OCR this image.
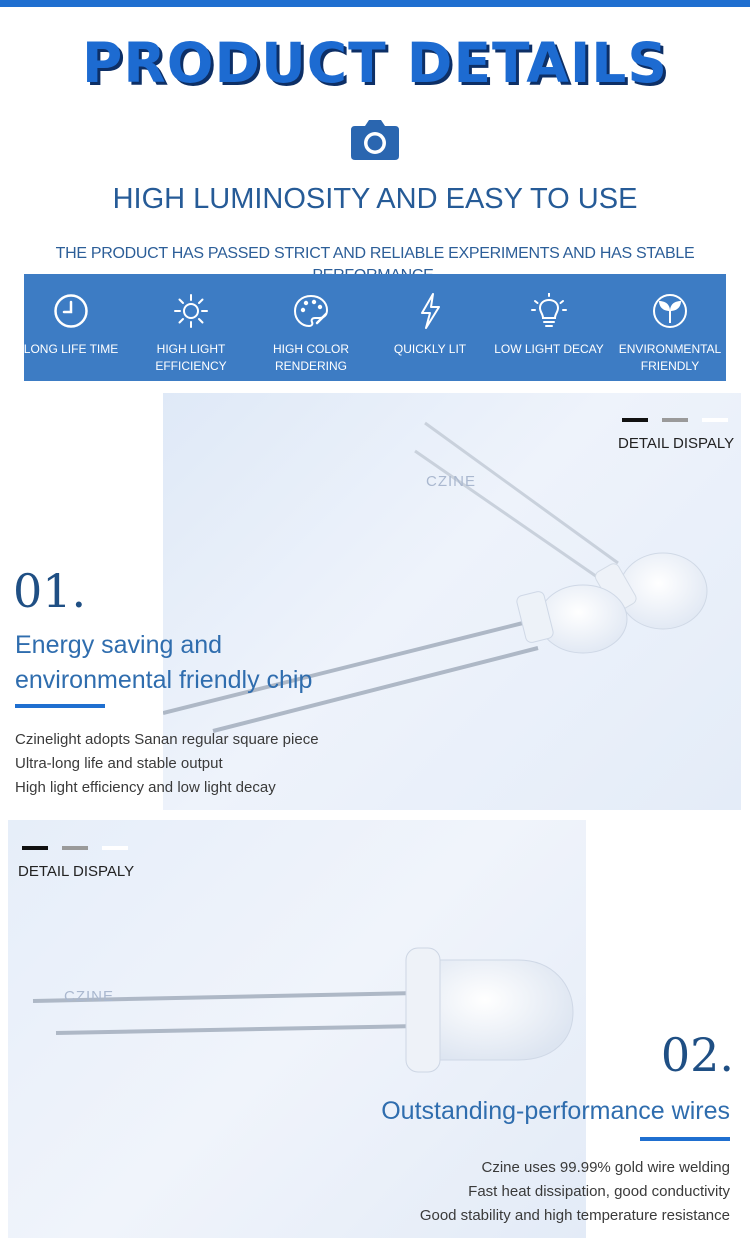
PRODUCT DETAILS
HIGH LUMINOSITY AND EASY TO USE
THE PRODUCT HAS PASSED STRICT AND RELIABLE EXPERIMENTS AND HAS STABLE
LONG LIFE TIME	HIGH LIGHT
EFFICIENCY
HIGH COLOR
RENDERING
QUICKLY LIT	LOW LIGHT DECAY	ENVIRONMENTAL
FRIENDLY
DETAIL DISPALY
CZINE
01.
Energy saving and
environmental friendly chip
Czinelight adopts Sanan regular square piece
Ultra-long life and stable output
High light efficiency and low light decay
DETAIL DISPALY
CZINE
02.
Outstanding-performance wires
Czine uses 99.99% gold wire welding
Fast heat dissipation, good conductivity
Good stability and high temperature resistance
